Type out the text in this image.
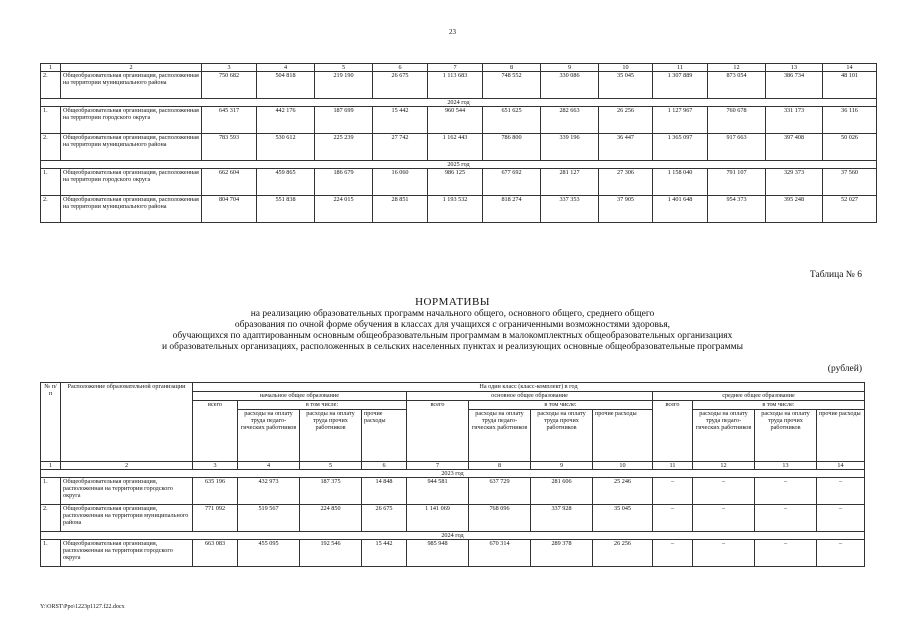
23
1	2	3	4	5	6	7	8	9	10	11	12	13	14
2.	Общеобразовательная организация, расположенная на территории муниципального района	750 682	504 818	219 190	26 675	1 113 683	748 552	330 086	35 045	1 307 889	873 054	386 734	48 101
2024 год													
1.	Общеобразовательная организация, расположенная на территории городского округа	645 317	442 176	187 699	15 442	960 544	651 625	282 663	26 256	1 127 967	760 678	331 173	36 116
2.	Общеобразовательная организация, расположенная на территории муниципального района	783 593	530 612	225 239	27 742	1 162 443	786 800	339 196	36 447	1 365 097	917 663	397 408	50 026
2025 год													
1.	Общеобразовательная организация, расположенная на территории городского округа	662 604	459 865	186 679	16 060	986 125	677 692	281 127	27 306	1 158 040	791 107	329 373	37 560
2.	Общеобразовательная организация, расположенная на территории муниципального района	804 704	551 838	224 015	28 851	1 193 532	818 274	337 353	37 905	1 401 648	954 373	395 248	52 027
Таблица № 6
НОРМАТИВЫ
на реализацию образовательных программ начального общего, основного общего, среднего общего
образования по очной форме обучения в классах для учащихся с ограниченными возможностями здоровья,
обучающихся по адаптированным основным общеобразовательным программам в малокомплектных общеобразовательных организациях
и образовательных организациях, расположенных в сельских населенных пунктах и реализующих основные общеобразовательные программы
(рублей)
№ п/п	Расположение образовательной организации	На один класс (класс-комплект) в год											
		начальное общее образование				основное общее образование				среднее общее образование			
		всего	в том числе:			всего	в том числе:			всего	в том числе:		
			расходы на оплату труда педаго-гических работников	расходы на оплату труда прочих работников	прочие расходы		расходы на оплату труда педаго-гических работников	расходы на оплату труда прочих работников	прочие расходы		расходы на оплату труда педаго-гических работников	расходы на оплату труда прочих работников	прочие расходы
1	2	3	4	5	6	7	8	9	10	11	12	13	14
2023 год													
1.	Общеобразовательная организация, расположенная на территории городского округа	635 196	432 973	187 375	14 848	944 581	637 729	281 606	25 246	–	–	–	–
2.	Общеобразовательная организация, расположенная на территории муниципального района	771 092	519 567	224 850	26 675	1 141 069	768 096	337 928	35 045	–	–	–	–
2024 год													
1.	Общеобразовательная организация, расположенная на территории городского округа	663 083	455 095	192 546	15 442	985 948	670 314	289 378	26 256	–	–	–	–
Y:\ORST\Ppo\1223p1127.f22.docx
